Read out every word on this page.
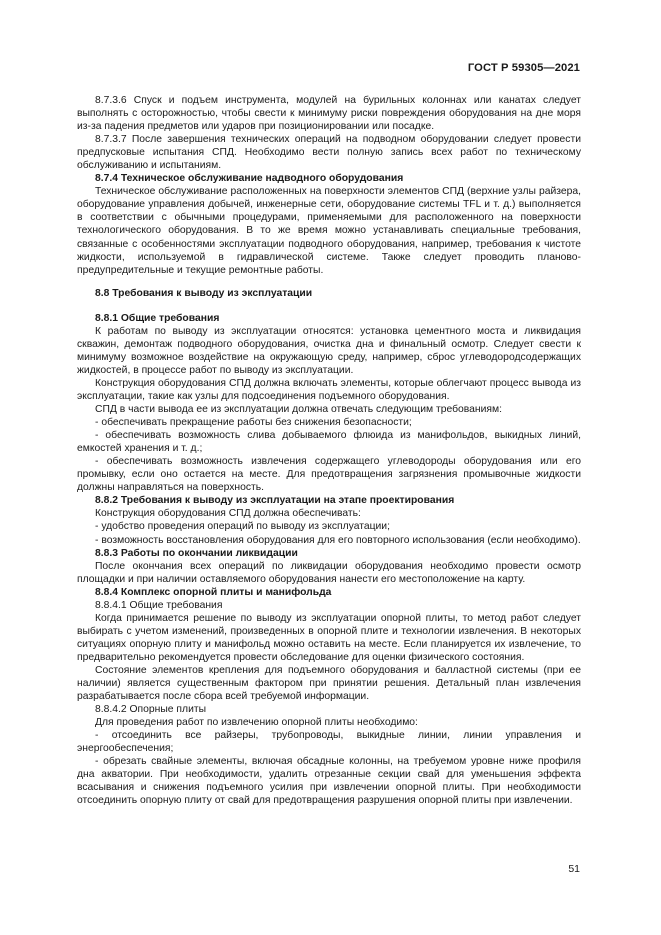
ГОСТ Р 59305—2021

8.7.3.6 Спуск и подъем инструмента, модулей на бурильных колоннах или канатах следует выполнять с осторожностью, чтобы свести к минимуму риски повреждения оборудования на дне моря из-за падения предметов или ударов при позиционировании или посадке.

8.7.3.7 После завершения технических операций на подводном оборудовании следует провести предпусковые испытания СПД. Необходимо вести полную запись всех работ по техническому обслуживанию и испытаниям.

8.7.4 Техническое обслуживание надводного оборудования

Техническое обслуживание расположенных на поверхности элементов СПД (верхние узлы райзера, оборудование управления добычей, инженерные сети, оборудование системы TFL и т. д.) выполняется в соответствии с обычными процедурами, применяемыми для расположенного на поверхности технологического оборудования. В то же время можно устанавливать специальные требования, связанные с особенностями эксплуатации подводного оборудования, например, требования к чистоте жидкости, используемой в гидравлической системе. Также следует проводить планово-предупредительные и текущие ремонтные работы.

8.8 Требования к выводу из эксплуатации

8.8.1 Общие требования

К работам по выводу из эксплуатации относятся: установка цементного моста и ликвидация скважин, демонтаж подводного оборудования, очистка дна и финальный осмотр. Следует свести к минимуму возможное воздействие на окружающую среду, например, сброс углеводородсодержащих жидкостей, в процессе работ по выводу из эксплуатации.

Конструкция оборудования СПД должна включать элементы, которые облегчают процесс вывода из эксплуатации, такие как узлы для подсоединения подъемного оборудования.

СПД в части вывода ее из эксплуатации должна отвечать следующим требованиям:

- обеспечивать прекращение работы без снижения безопасности;

- обеспечивать возможность слива добываемого флюида из манифольдов, выкидных линий, емкостей хранения и т. д.;

- обеспечивать возможность извлечения содержащего углеводороды оборудования или его промывку, если оно остается на месте. Для предотвращения загрязнения промывочные жидкости должны направляться на поверхность.

8.8.2 Требования к выводу из эксплуатации на этапе проектирования

Конструкция оборудования СПД должна обеспечивать:

- удобство проведения операций по выводу из эксплуатации;

- возможность восстановления оборудования для его повторного использования (если необходимо).

8.8.3 Работы по окончании ликвидации

После окончания всех операций по ликвидации оборудования необходимо провести осмотр площадки и при наличии оставляемого оборудования нанести его местоположение на карту.

8.8.4 Комплекс опорной плиты и манифольда

8.8.4.1 Общие требования

Когда принимается решение по выводу из эксплуатации опорной плиты, то метод работ следует выбирать с учетом изменений, произведенных в опорной плите и технологии извлечения. В некоторых ситуациях опорную плиту и манифольд можно оставить на месте. Если планируется их извлечение, то предварительно рекомендуется провести обследование для оценки физического состояния.

Состояние элементов крепления для подъемного оборудования и балластной системы (при ее наличии) является существенным фактором при принятии решения. Детальный план извлечения разрабатывается после сбора всей требуемой информации.

8.8.4.2 Опорные плиты

Для проведения работ по извлечению опорной плиты необходимо:

- отсоединить все райзеры, трубопроводы, выкидные линии, линии управления и энергообеспечения;

- обрезать свайные элементы, включая обсадные колонны, на требуемом уровне ниже профиля дна акватории. При необходимости, удалить отрезанные секции свай для уменьшения эффекта всасывания и снижения подъемного усилия при извлечении опорной плиты. При необходимости отсоединить опорную плиту от свай для предотвращения разрушения опорной плиты при извлечении.

51
